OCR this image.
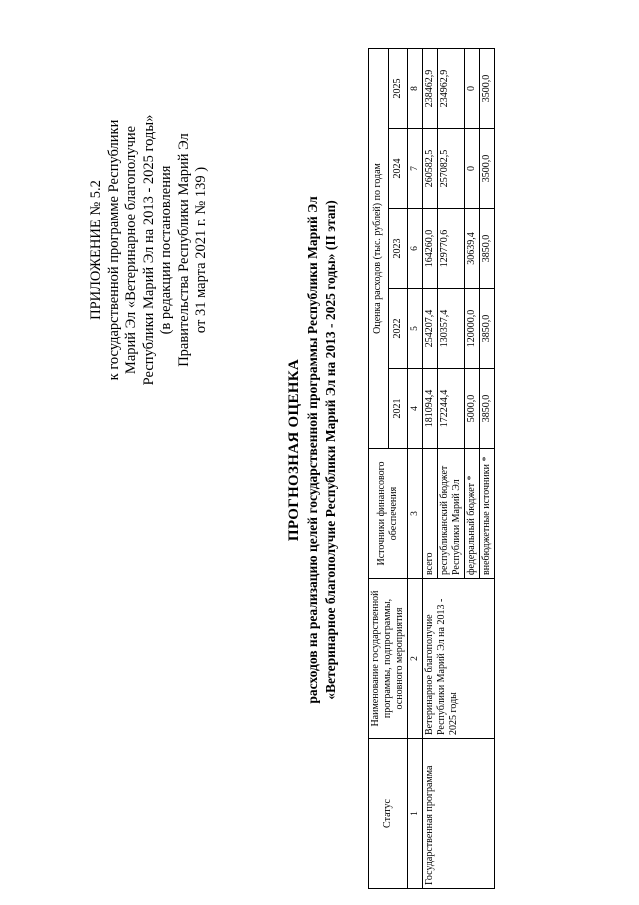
ПРИЛОЖЕНИЕ № 5.2 к государственной программе Республики Марий Эл «Ветеринарное благополучие Республики Марий Эл на 2013 - 2025 годы» (в редакции постановления Правительства Республики Марий Эл от 31 марта 2021 г. № 139 )
ПРОГНОЗНАЯ ОЦЕНКА расходов на реализацию целей государственной программы Республики Марий Эл «Ветеринарное благополучие Республики Марий Эл на 2013 - 2025 годы» (II этап)
Статус	Наименование государственной программы, подпрограммы, основного мероприятия	Источники финансового обеспечения	Оценка расходов (тыс. рублей) по годам				
			2021	2022	2023	2024	2025
1	2	3	4	5	6	7	8
Государственная программа	Ветеринарное благополучие Республики Марий Эл на 2013 - 2025 годы	всего	181094,4	254207,4	164260,0	260582,5	238462,9
		республиканский бюджет Республики Марий Эл	172244,4	130357,4	129770,6	257082,5	234962,9
		федеральный бюджет *	5000,0	120000,0	30639,4	0	0
		внебюджетные источники *	3850,0	3850,0	3850,0	3500,0	3500,0
